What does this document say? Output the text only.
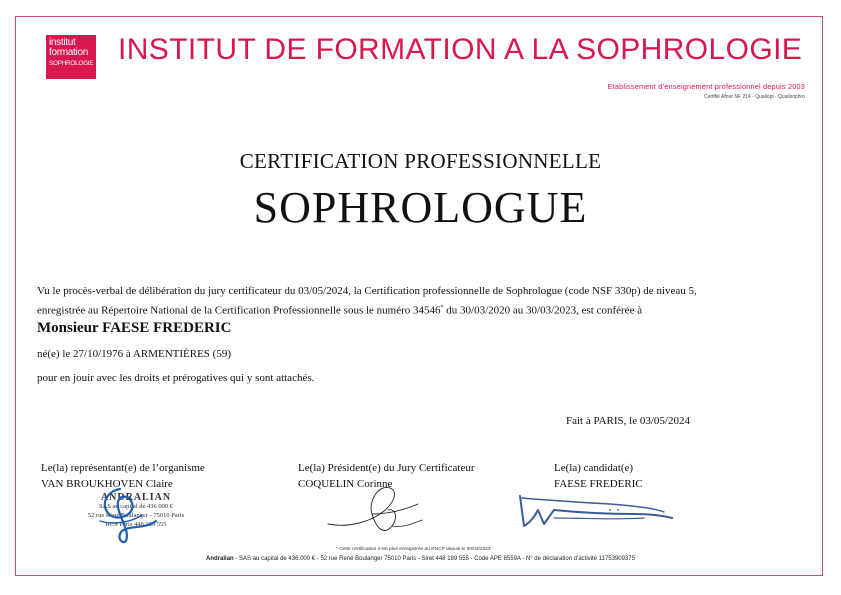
institut
formation
SOPHROLOGIE INSTITUT DE FORMATION A LA SOPHROLOGIE
Etablissement d’enseignement professionnel depuis 2003
Certifié Afnor NF 214 - Qualiopi - Qualisophro
CERTIFICATION PROFESSIONNELLE
SOPHROLOGUE
Vu le procès-verbal de délibération du jury certificateur du 03/05/2024, la Certification professionnelle de Sophrologue (code NSF 330p) de niveau 5,
enregistrée au Répertoire National de la Certification Professionnelle sous le numéro 34546* du 30/03/2020 au 30/03/2023, est conférée à
Monsieur FAESE FREDERIC
né(e) le 27/10/1976 à ARMENTIÈRES (59)
pour en jouir avec les droits et prérogatives qui y sont attachés.
Fait à PARIS, le 03/05/2024
Le(la) représentant(e) de l’organisme
VAN BROUKHOVEN Claire
Le(la) Président(e) du Jury Certificateur
COQUELIN Corinne
Le(la) candidat(e)
FAESE FREDERIC
ANDRALIAN
SAS au capital de 436 000 €
52 rue René Boulanger - 75010 Paris
RCS Paris 448 189 555
* Cette certification n’est plus enregistrée au RNCP depuis le 30/03/2023
Andralian - SAS au capital de 436.000 € - 52 rue René Boulanger 75010 Paris - Siret 448 189 555 - Code APE 8559A - N° de déclaration d’activité 11753909375
